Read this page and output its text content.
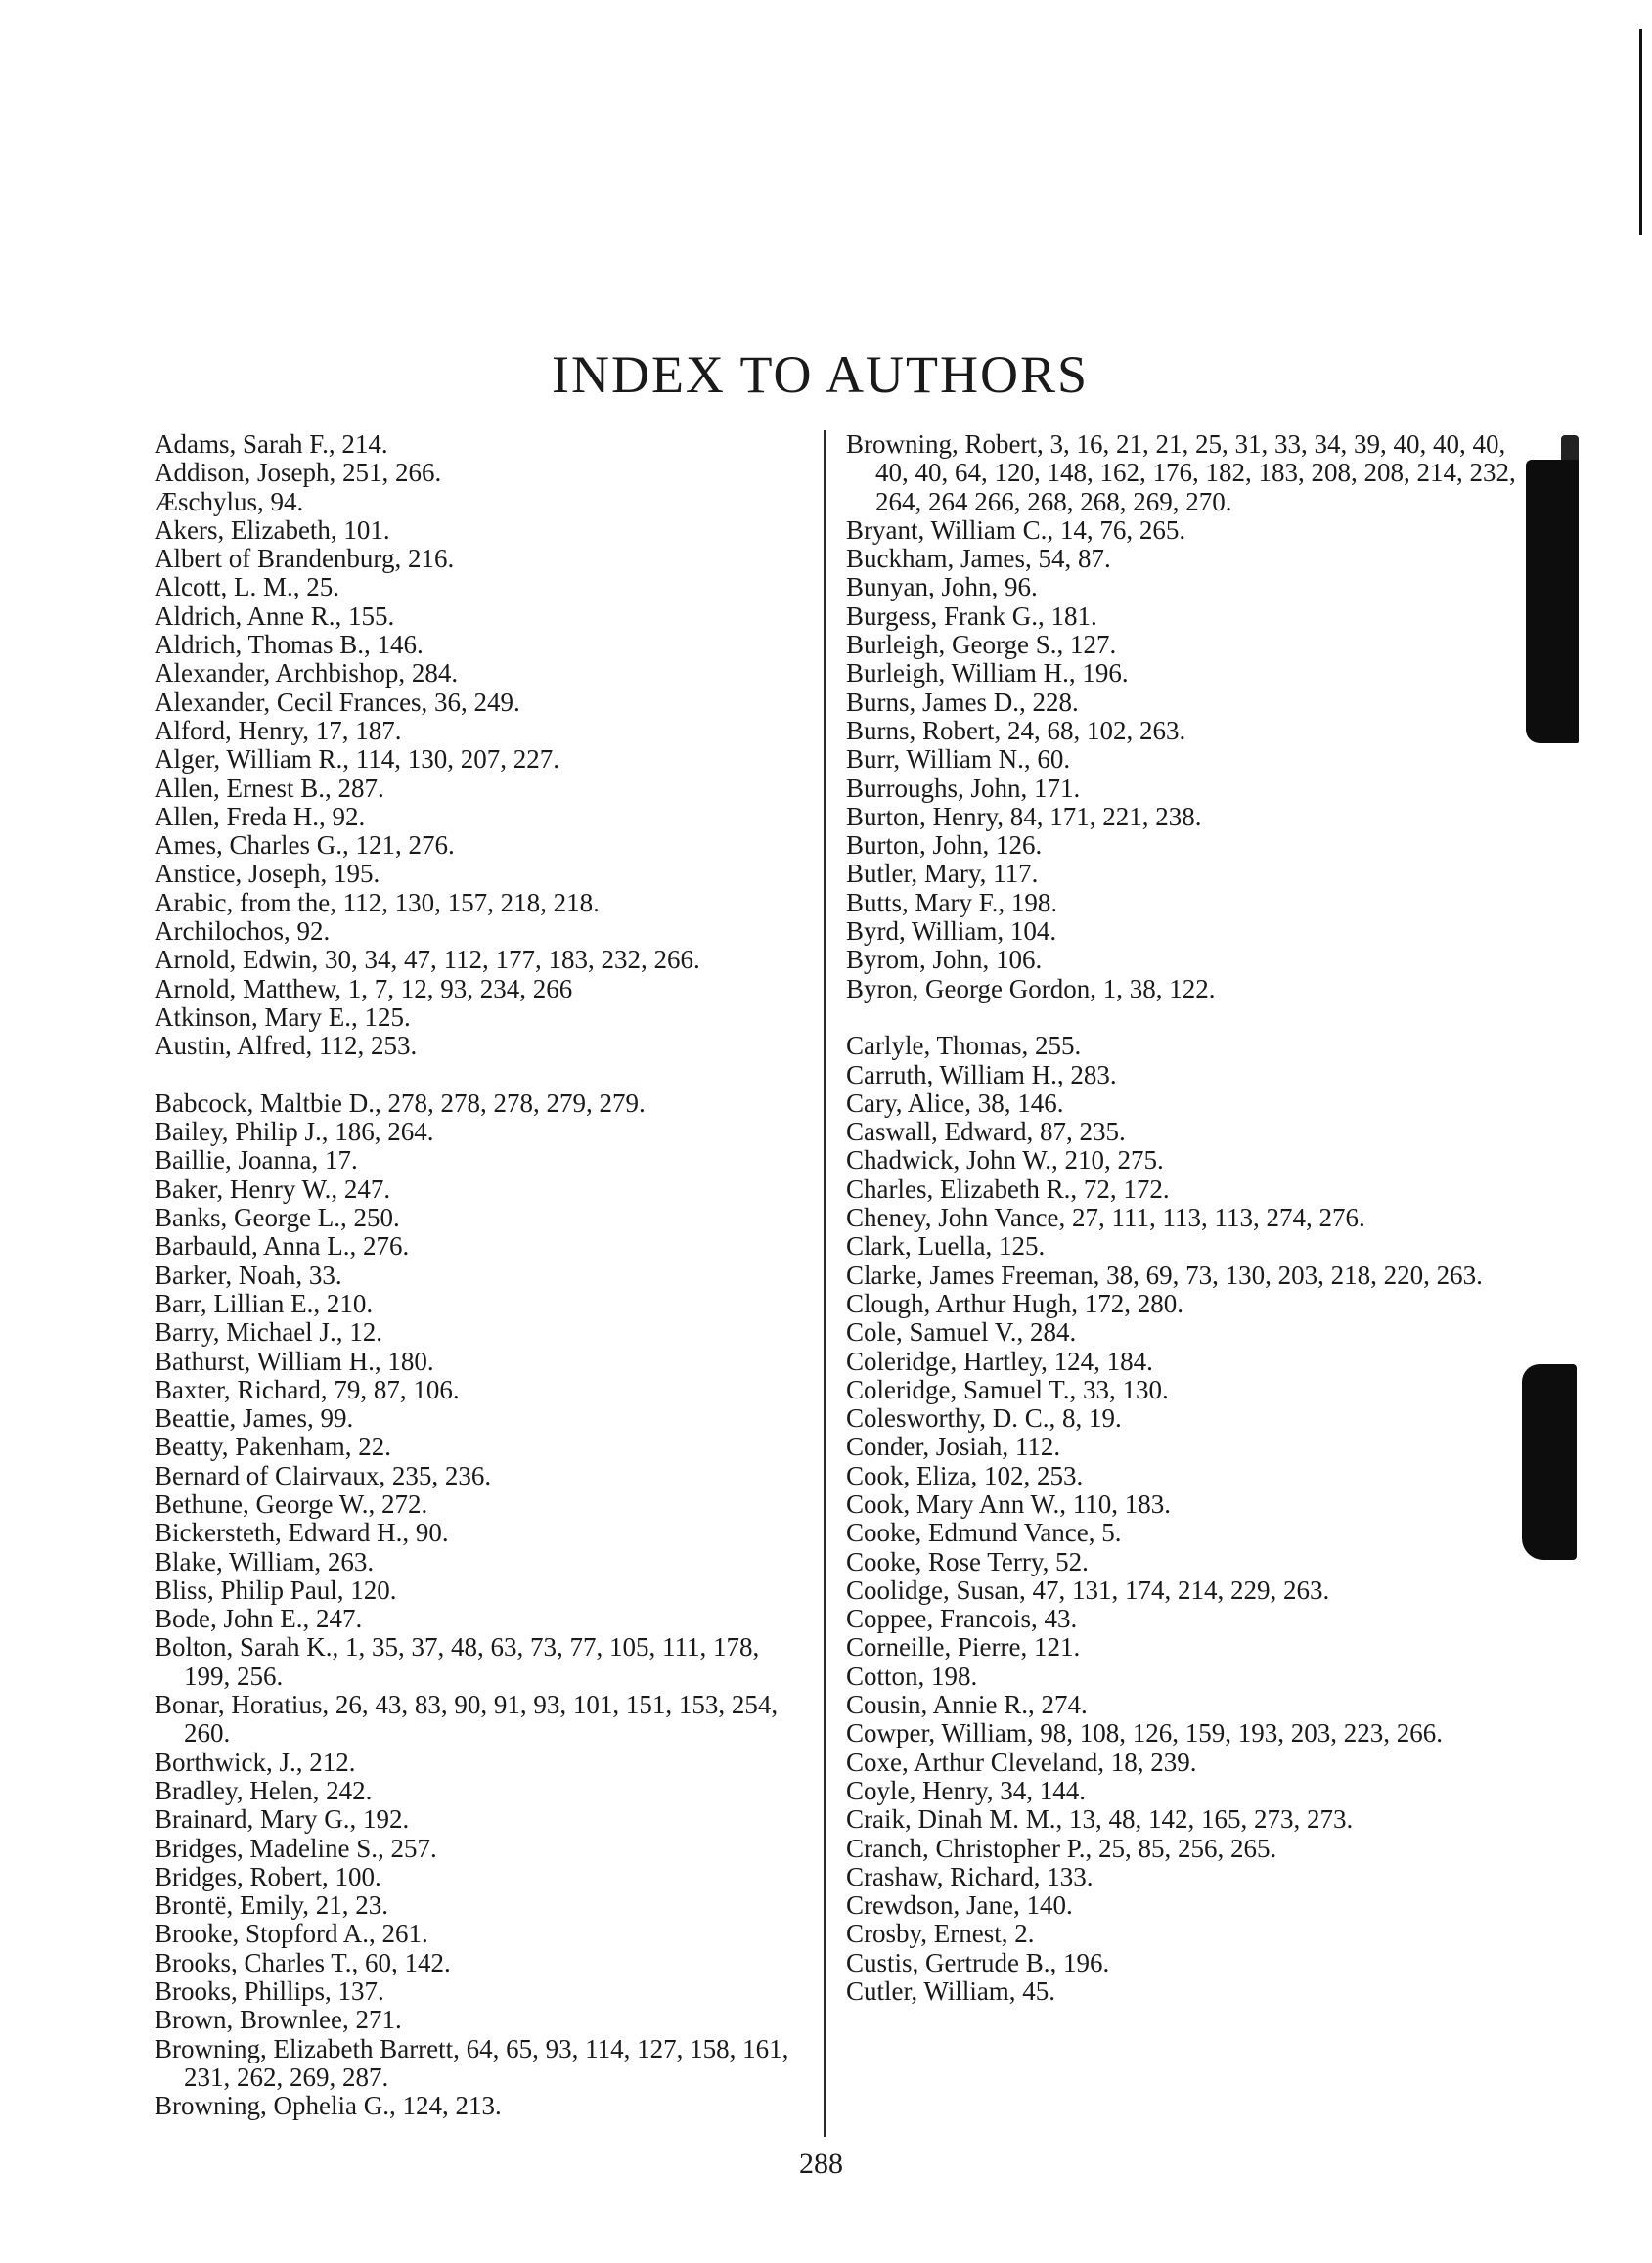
INDEX TO AUTHORS
Adams, Sarah F., 214.
Addison, Joseph, 251, 266.
Æschylus, 94.
Akers, Elizabeth, 101.
Albert of Brandenburg, 216.
Alcott, L. M., 25.
Aldrich, Anne R., 155.
Aldrich, Thomas B., 146.
Alexander, Archbishop, 284.
Alexander, Cecil Frances, 36, 249.
Alford, Henry, 17, 187.
Alger, William R., 114, 130, 207, 227.
Allen, Ernest B., 287.
Allen, Freda H., 92.
Ames, Charles G., 121, 276.
Anstice, Joseph, 195.
Arabic, from the, 112, 130, 157, 218, 218.
Archilochos, 92.
Arnold, Edwin, 30, 34, 47, 112, 177, 183, 232, 266.
Arnold, Matthew, 1, 7, 12, 93, 234, 266
Atkinson, Mary E., 125.
Austin, Alfred, 112, 253.
Babcock, Maltbie D., 278, 278, 278, 279, 279.
Bailey, Philip J., 186, 264.
Baillie, Joanna, 17.
Baker, Henry W., 247.
Banks, George L., 250.
Barbauld, Anna L., 276.
Barker, Noah, 33.
Barr, Lillian E., 210.
Barry, Michael J., 12.
Bathurst, William H., 180.
Baxter, Richard, 79, 87, 106.
Beattie, James, 99.
Beatty, Pakenham, 22.
Bernard of Clairvaux, 235, 236.
Bethune, George W., 272.
Bickersteth, Edward H., 90.
Blake, William, 263.
Bliss, Philip Paul, 120.
Bode, John E., 247.
Bolton, Sarah K., 1, 35, 37, 48, 63, 73, 77, 105, 111, 178, 199, 256.
Bonar, Horatius, 26, 43, 83, 90, 91, 93, 101, 151, 153, 254, 260.
Borthwick, J., 212.
Bradley, Helen, 242.
Brainard, Mary G., 192.
Bridges, Madeline S., 257.
Bridges, Robert, 100.
Brontë, Emily, 21, 23.
Brooke, Stopford A., 261.
Brooks, Charles T., 60, 142.
Brooks, Phillips, 137.
Brown, Brownlee, 271.
Browning, Elizabeth Barrett, 64, 65, 93, 114, 127, 158, 161, 231, 262, 269, 287.
Browning, Ophelia G., 124, 213.
Browning, Robert, 3, 16, 21, 21, 25, 31, 33, 34, 39, 40, 40, 40, 40, 40, 64, 120, 148, 162, 176, 182, 183, 208, 208, 214, 232, 264, 264 266, 268, 268, 269, 270.
Bryant, William C., 14, 76, 265.
Buckham, James, 54, 87.
Bunyan, John, 96.
Burgess, Frank G., 181.
Burleigh, George S., 127.
Burleigh, William H., 196.
Burns, James D., 228.
Burns, Robert, 24, 68, 102, 263.
Burr, William N., 60.
Burroughs, John, 171.
Burton, Henry, 84, 171, 221, 238.
Burton, John, 126.
Butler, Mary, 117.
Butts, Mary F., 198.
Byrd, William, 104.
Byrom, John, 106.
Byron, George Gordon, 1, 38, 122.
Carlyle, Thomas, 255.
Carruth, William H., 283.
Cary, Alice, 38, 146.
Caswall, Edward, 87, 235.
Chadwick, John W., 210, 275.
Charles, Elizabeth R., 72, 172.
Cheney, John Vance, 27, 111, 113, 113, 274, 276.
Clark, Luella, 125.
Clarke, James Freeman, 38, 69, 73, 130, 203, 218, 220, 263.
Clough, Arthur Hugh, 172, 280.
Cole, Samuel V., 284.
Coleridge, Hartley, 124, 184.
Coleridge, Samuel T., 33, 130.
Colesworthy, D. C., 8, 19.
Conder, Josiah, 112.
Cook, Eliza, 102, 253.
Cook, Mary Ann W., 110, 183.
Cooke, Edmund Vance, 5.
Cooke, Rose Terry, 52.
Coolidge, Susan, 47, 131, 174, 214, 229, 263.
Coppee, Francois, 43.
Corneille, Pierre, 121.
Cotton, 198.
Cousin, Annie R., 274.
Cowper, William, 98, 108, 126, 159, 193, 203, 223, 266.
Coxe, Arthur Cleveland, 18, 239.
Coyle, Henry, 34, 144.
Craik, Dinah M. M., 13, 48, 142, 165, 273, 273.
Cranch, Christopher P., 25, 85, 256, 265.
Crashaw, Richard, 133.
Crewdson, Jane, 140.
Crosby, Ernest, 2.
Custis, Gertrude B., 196.
Cutler, William, 45.
288
